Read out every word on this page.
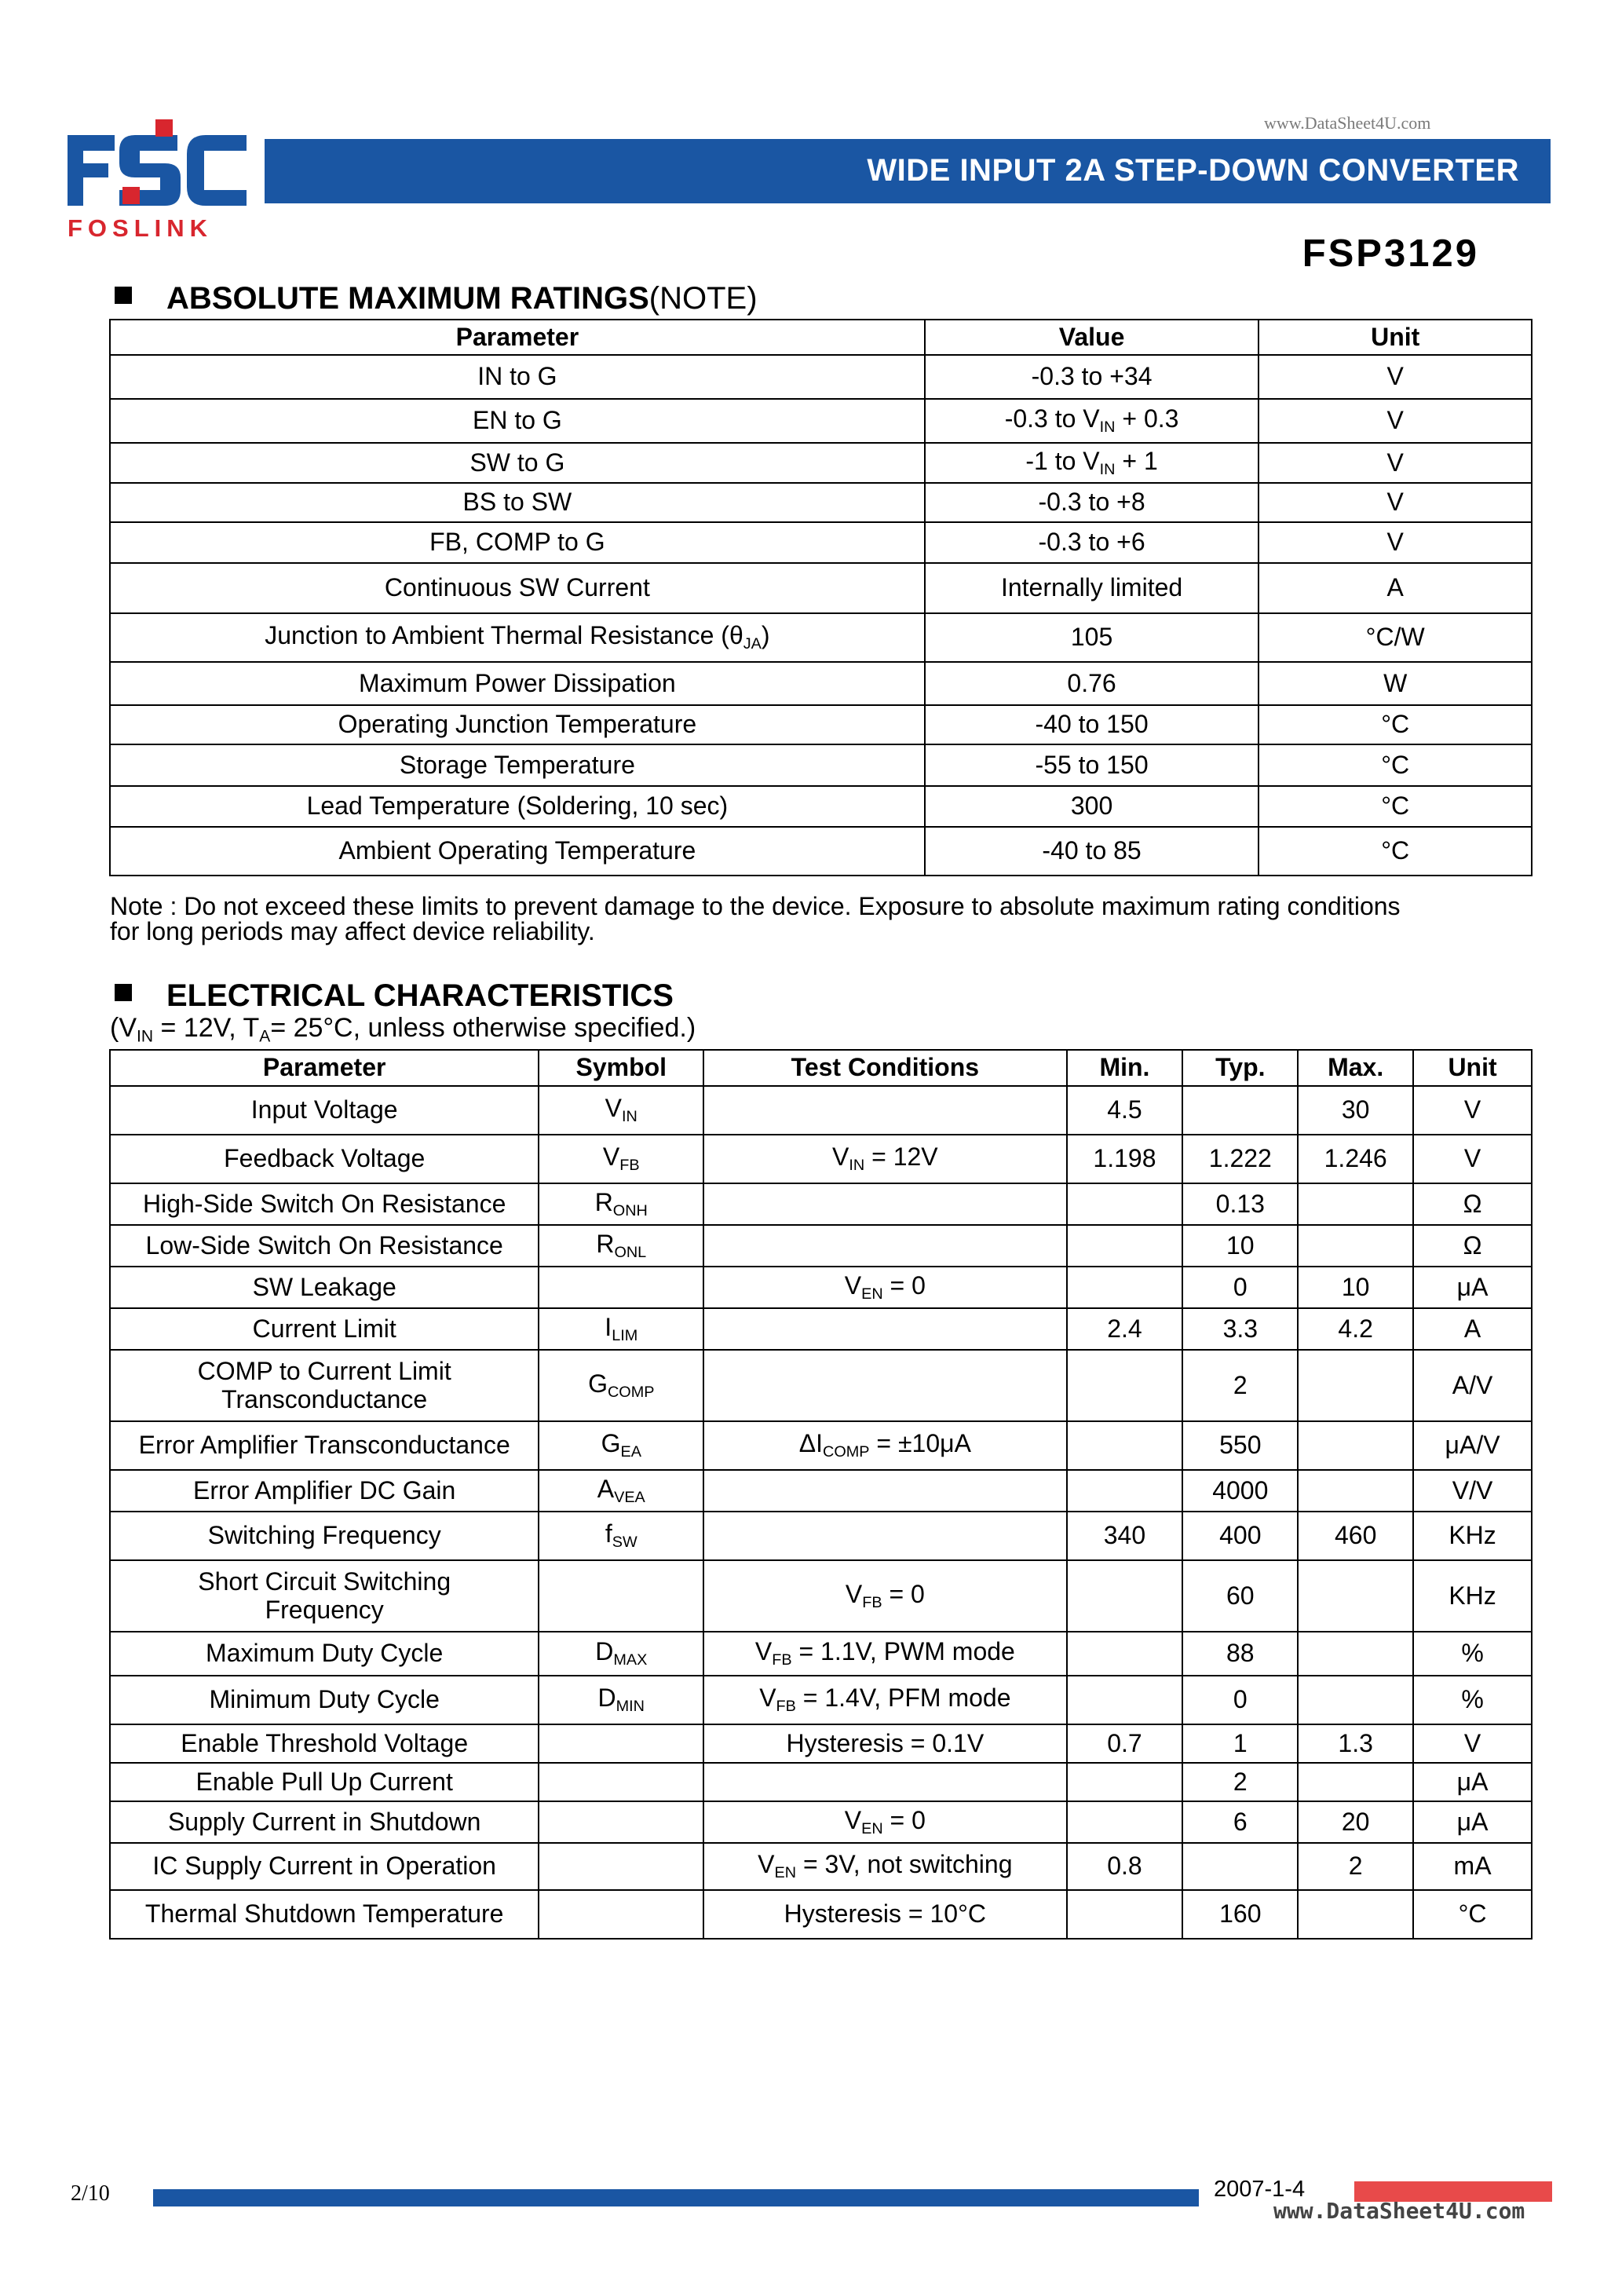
FOSLINK
www.DataSheet4U.com
WIDE INPUT 2A STEP-DOWN CONVERTER
FSP3129
ABSOLUTE MAXIMUM RATINGS(NOTE)
Parameter	Value	Unit
IN to G	-0.3 to +34	V
EN to G	-0.3 to $V_{IN} + 0.3$	V
SW to G	-1 to $V_{IN} + 1$	V
BS to SW	-0.3 to +8	V
FB, COMP to G	-0.3 to +6	V
Continuous SW Current	Internally limited	A
Junction to Ambient Thermal Resistance $(\theta_{JA})$	105	°C/W
Maximum Power Dissipation	0.76	W
Operating Junction Temperature	-40 to 150	°C
Storage Temperature	-55 to 150	°C
Lead Temperature (Soldering, 10 sec)	300	°C
Ambient Operating Temperature	-40 to 85	°C
Note : Do not exceed these limits to prevent damage to the device. Exposure to absolute maximum rating conditions
for long periods may affect device reliability.
ELECTRICAL CHARACTERISTICS
($V_{IN} = 12V$, $T_A= 25^\circ C$, unless otherwise specified.)
Parameter	Symbol	Test Conditions	Min.	Typ.	Max.	Unit
Input Voltage	$V_{IN}$		4.5		30	V
Feedback Voltage	$V_{FB}$	$V_{IN} = 12V$	1.198	1.222	1.246	V
High-Side Switch On Resistance	$R_{ONH}$			0.13		Ω
Low-Side Switch On Resistance	$R_{ONL}$			10		Ω
SW Leakage		$V_{EN} = 0$		0	10	μA
Current Limit	$I_{LIM}$		2.4	3.3	4.2	A
COMP to Current Limit
Transconductance	$G_{COMP}$			2		A/V
Error Amplifier Transconductance	$G_{EA}$	$\Delta I_{COMP} = \pm 10\mu A$		550		μA/V
Error Amplifier DC Gain	$A_{VEA}$			4000		V/V
Switching Frequency	$f_{SW}$		340	400	460	KHz
Short Circuit Switching
Frequency		$V_{FB} = 0$		60		KHz
Maximum Duty Cycle	$D_{MAX}$	$V_{FB} = 1.1V$, PWM mode		88		%
Minimum Duty Cycle	$D_{MIN}$	$V_{FB} = 1.4V$, PFM mode		0		%
Enable Threshold Voltage		Hysteresis = 0.1V	0.7	1	1.3	V
Enable Pull Up Current				2		μA
Supply Current in Shutdown		$V_{EN} = 0$		6	20	μA
IC Supply Current in Operation		$V_{EN} = 3V$, not switching	0.8		2	mA
Thermal Shutdown Temperature		Hysteresis = 10°C		160		°C
2/10	2007-1-4
www.DataSheet4U.com
